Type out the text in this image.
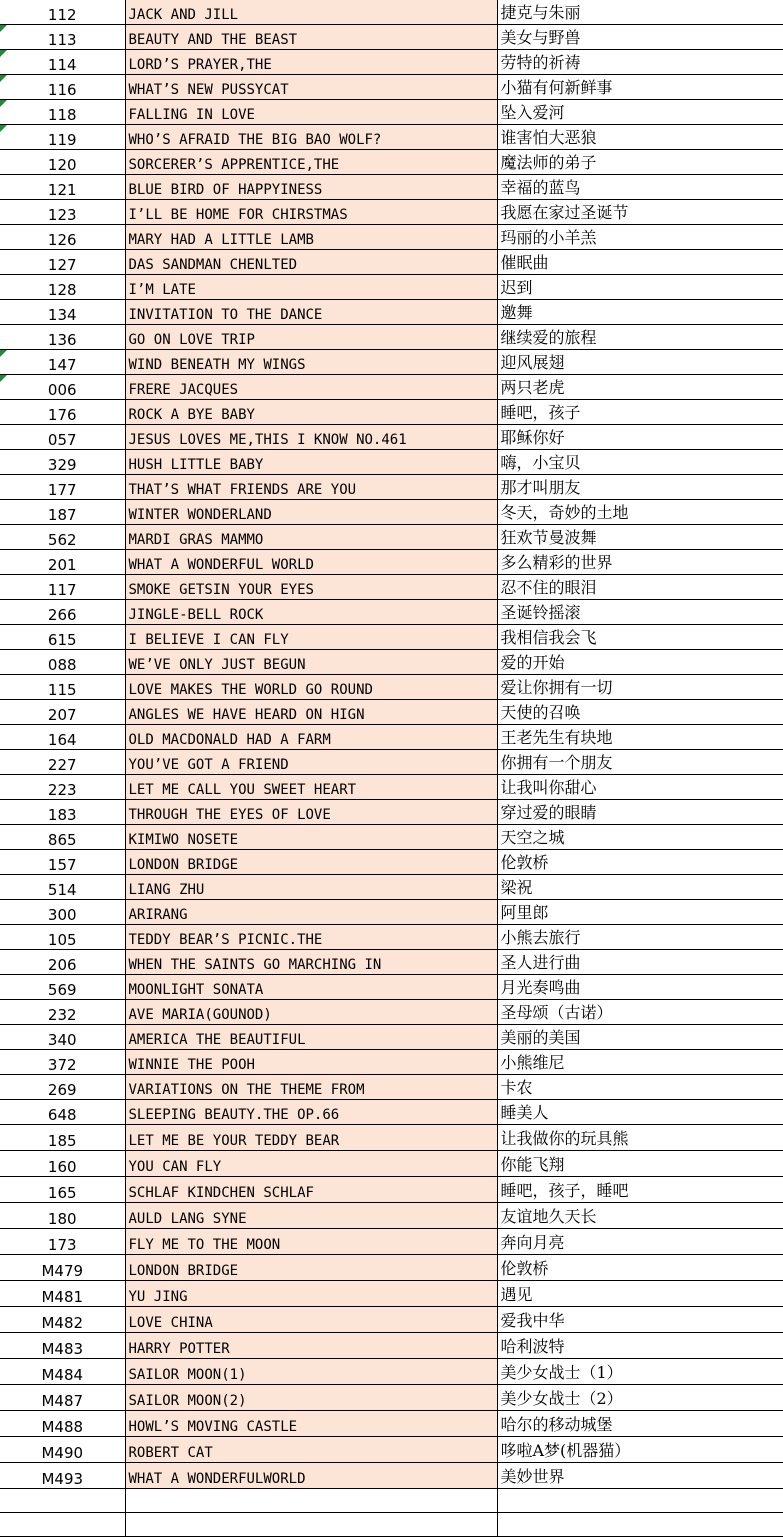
112	JACK AND JILL	捷克与朱丽

113	BEAUTY AND THE BEAST	美女与野兽

114	LORD’S PRAYER,THE	劳特的祈祷

116	WHAT’S NEW PUSSYCAT	小猫有何新鲜事

118	FALLING IN LOVE	坠入爱河

119	WHO’S AFRAID THE BIG BAO WOLF?	谁害怕大恶狼
120	SORCERER’S APPRENTICE,THE	魔法师的弟子
121	BLUE BIRD OF HAPPYINESS	幸福的蓝鸟
123	I’LL BE HOME FOR CHIRSTMAS	我愿在家过圣诞节
126	MARY HAD A LITTLE LAMB	玛丽的小羊羔
127	DAS SANDMAN CHENLTED	催眠曲
128	I’M LATE	迟到
134	INVITATION TO THE DANCE	邀舞
136	GO ON LOVE TRIP	继续爱的旅程

147	WIND BENEATH MY WINGS	迎风展翅

006	FRERE JACQUES	两只老虎
176	ROCK A BYE BABY	睡吧，孩子
057	JESUS LOVES ME,THIS I KNOW NO.461	耶稣你好
329	HUSH LITTLE BABY	嗨，小宝贝
177	THAT’S WHAT FRIENDS ARE YOU	那才叫朋友
187	WINTER WONDERLAND	冬天，奇妙的土地
562	MARDI GRAS MAMMO	狂欢节曼波舞
201	WHAT A WONDERFUL WORLD	多么精彩的世界
117	SMOKE GETSIN YOUR EYES	忍不住的眼泪
266	JINGLE-BELL ROCK	圣诞铃摇滚
615	I BELIEVE I CAN FLY	我相信我会飞
088	WE’VE ONLY JUST BEGUN	爱的开始
115	LOVE MAKES THE WORLD GO ROUND	爱让你拥有一切
207	ANGLES WE HAVE HEARD ON HIGN	天使的召唤
164	OLD MACDONALD HAD A FARM	王老先生有块地
227	YOU’VE GOT A FRIEND	你拥有一个朋友
223	LET ME CALL YOU SWEET HEART	让我叫你甜心
183	THROUGH THE EYES OF LOVE	穿过爱的眼睛
865	KIMIWO NOSETE	天空之城
157	LONDON BRIDGE	伦敦桥
514	LIANG ZHU	梁祝
300	ARIRANG	阿里郎
105	TEDDY BEAR’S PICNIC.THE	小熊去旅行
206	WHEN THE SAINTS GO MARCHING IN	圣人进行曲
569	MOONLIGHT SONATA	月光奏鸣曲
232	AVE MARIA(GOUNOD)	圣母颂（古诺）
340	AMERICA THE BEAUTIFUL	美丽的美国
372	WINNIE THE POOH	小熊维尼
269	VARIATIONS ON THE THEME FROM	卡农
648	SLEEPING BEAUTY.THE OP.66	睡美人
185	LET ME BE YOUR TEDDY BEAR	让我做你的玩具熊
160	YOU CAN FLY	你能飞翔
165	SCHLAF KINDCHEN SCHLAF	睡吧，孩子，睡吧
180	AULD LANG SYNE	友谊地久天长
173	FLY ME TO THE MOON	奔向月亮
M479	LONDON BRIDGE	伦敦桥
M481	YU JING	遇见
M482	LOVE CHINA	爱我中华
M483	HARRY POTTER	哈利波特
M484	SAILOR MOON(1)	美少女战士（1）
M487	SAILOR MOON(2)	美少女战士（2）
M488	HOWL’S MOVING CASTLE	哈尔的移动城堡
M490	ROBERT CAT	哆啦A梦(机器猫）
M493	WHAT A WONDERFULWORLD	美妙世界
